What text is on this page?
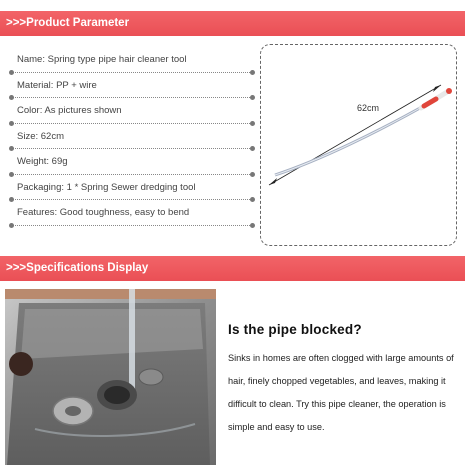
>>>Product Parameter
Name: Spring type pipe hair cleaner tool
Material: PP + wire
Color: As pictures shown
Size: 62cm
Weight: 69g
Packaging: 1 * Spring Sewer dredging tool
Features: Good toughness, easy to bend
62cm
>>>Specifications Display
Is the pipe blocked?
Sinks in homes are often clogged with large amounts of hair, finely chopped vegetables, and leaves, making it difficult to clean. Try this pipe cleaner, the operation is simple and easy to use.
